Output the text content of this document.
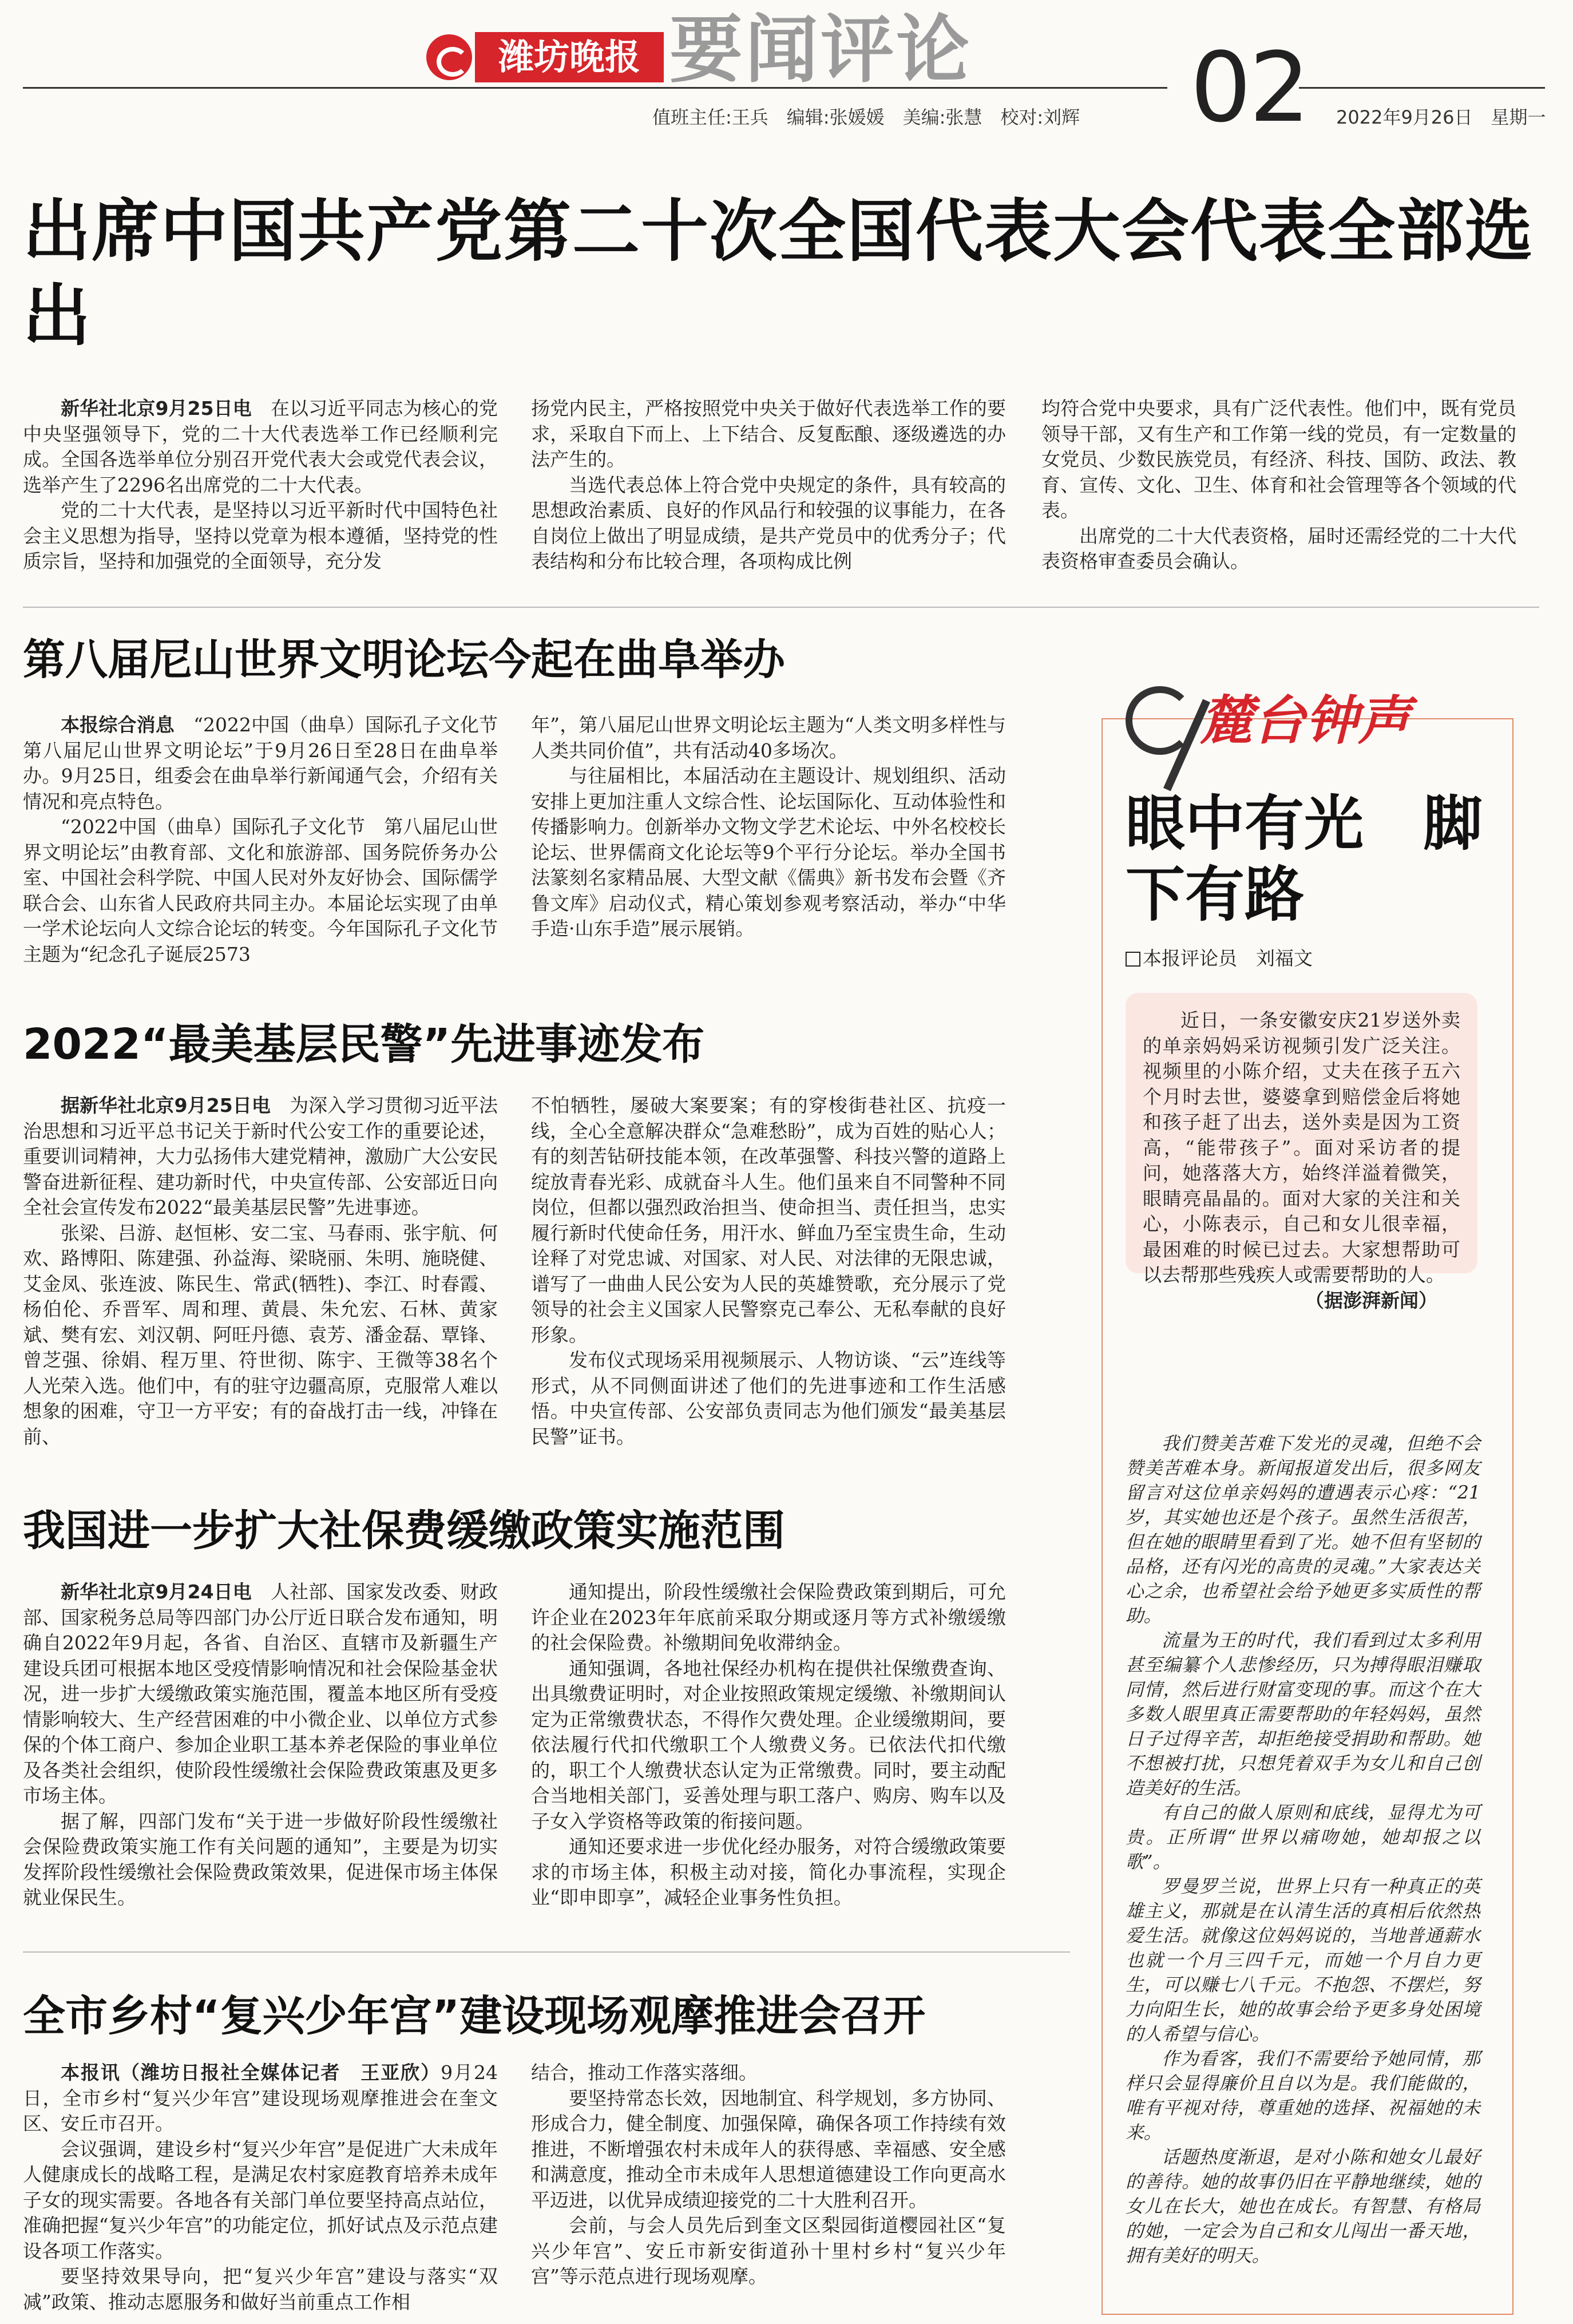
潍坊晚报 要闻评论 02
值班主任:王兵　编辑:张媛媛　美编:张慧　校对:刘辉	2022年9月26日　星期一
出席中国共产党第二十次全国代表大会代表全部选出

新华社北京9月25日电　 在以习近平同志为核心的党中央坚强领导下，党的二十大代表选举工作已经顺利完成。全国各选举单位分别召开党代表大会或党代表会议，选举产生了2296名出席党的二十大代表。

党的二十大代表，是坚持以习近平新时代中国特色社会主义思想为指导，坚持以党章为根本遵循，坚持党的性质宗旨，坚持和加强党的全面领导，充分发

扬党内民主，严格按照党中央关于做好代表选举工作的要求，采取自下而上、上下结合、反复酝酿、逐级遴选的办法产生的。

当选代表总体上符合党中央规定的条件，具有较高的思想政治素质、良好的作风品行和较强的议事能力，在各自岗位上做出了明显成绩，是共产党员中的优秀分子；代表结构和分布比较合理，各项构成比例

均符合党中央要求，具有广泛代表性。他们中，既有党员领导干部，又有生产和工作第一线的党员，有一定数量的女党员、少数民族党员，有经济、科技、国防、政法、教育、宣传、文化、卫生、体育和社会管理等各个领域的代表。

出席党的二十大代表资格，届时还需经党的二十大代表资格审查委员会确认。

第八届尼山世界文明论坛今起在曲阜举办

本报综合消息　 “2022中国（曲阜）国际孔子文化节　第八届尼山世界文明论坛”于9月26日至28日在曲阜举办。9月25日，组委会在曲阜举行新闻通气会，介绍有关情况和亮点特色。

“2022中国（曲阜）国际孔子文化节　第八届尼山世界文明论坛”由教育部、文化和旅游部、国务院侨务办公室、中国社会科学院、中国人民对外友好协会、国际儒学联合会、山东省人民政府共同主办。本届论坛实现了由单一学术论坛向人文综合论坛的转变。今年国际孔子文化节主题为“纪念孔子诞辰2573

年”，第八届尼山世界文明论坛主题为“人类文明多样性与人类共同价值”，共有活动40多场次。

与往届相比，本届活动在主题设计、规划组织、活动安排上更加注重人文综合性、论坛国际化、互动体验性和传播影响力。创新举办文物文学艺术论坛、中外名校校长论坛、世界儒商文化论坛等9个平行分论坛。举办全国书法篆刻名家精品展、大型文献《儒典》新书发布会暨《齐鲁文库》启动仪式，精心策划参观考察活动，举办“中华手造·山东手造”展示展销。

2022“最美基层民警”先进事迹发布

据新华社北京9月25日电　 为深入学习贯彻习近平法治思想和习近平总书记关于新时代公安工作的重要论述，重要训词精神，大力弘扬伟大建党精神，激励广大公安民警奋进新征程、建功新时代，中央宣传部、公安部近日向全社会宣传发布2022“最美基层民警”先进事迹。

张梁、吕游、赵恒彬、安二宝、马春雨、张宇航、何欢、路博阳、陈建强、孙益海、梁晓丽、朱明、施晓健、艾金凤、张连波、陈民生、常武(牺牲)、李江、时春霞、杨伯伦、乔晋军、周和理、黄晨、朱允宏、石林、黄家斌、樊有宏、刘汉朝、阿旺丹德、袁芳、潘金磊、覃锋、曾芝强、徐娟、程万里、符世彻、陈宇、王微等38名个人光荣入选。他们中，有的驻守边疆高原，克服常人难以想象的困难，守卫一方平安；有的奋战打击一线，冲锋在前、

不怕牺牲，屡破大案要案；有的穿梭街巷社区、抗疫一线，全心全意解决群众“急难愁盼”，成为百姓的贴心人；有的刻苦钻研技能本领，在改革强警、科技兴警的道路上绽放青春光彩、成就奋斗人生。他们虽来自不同警种不同岗位，但都以强烈政治担当、使命担当、责任担当，忠实履行新时代使命任务，用汗水、鲜血乃至宝贵生命，生动诠释了对党忠诚、对国家、对人民、对法律的无限忠诚，谱写了一曲曲人民公安为人民的英雄赞歌，充分展示了党领导的社会主义国家人民警察克己奉公、无私奉献的良好形象。

发布仪式现场采用视频展示、人物访谈、“云”连线等形式，从不同侧面讲述了他们的先进事迹和工作生活感悟。中央宣传部、公安部负责同志为他们颁发“最美基层民警”证书。

我国进一步扩大社保费缓缴政策实施范围

新华社北京9月24日电　 人社部、国家发改委、财政部、国家税务总局等四部门办公厅近日联合发布通知，明确自2022年9月起，各省、自治区、直辖市及新疆生产建设兵团可根据本地区受疫情影响情况和社会保险基金状况，进一步扩大缓缴政策实施范围，覆盖本地区所有受疫情影响较大、生产经营困难的中小微企业、以单位方式参保的个体工商户、参加企业职工基本养老保险的事业单位及各类社会组织，使阶段性缓缴社会保险费政策惠及更多市场主体。

据了解，四部门发布“关于进一步做好阶段性缓缴社会保险费政策实施工作有关问题的通知”，主要是为切实发挥阶段性缓缴社会保险费政策效果，促进保市场主体保就业保民生。

通知提出，阶段性缓缴社会保险费政策到期后，可允许企业在2023年年底前采取分期或逐月等方式补缴缓缴的社会保险费。补缴期间免收滞纳金。

通知强调，各地社保经办机构在提供社保缴费查询、出具缴费证明时，对企业按照政策规定缓缴、补缴期间认定为正常缴费状态，不得作欠费处理。企业缓缴期间，要依法履行代扣代缴职工个人缴费义务。已依法代扣代缴的，职工个人缴费状态认定为正常缴费。同时，要主动配合当地相关部门，妥善处理与职工落户、购房、购车以及子女入学资格等政策的衔接问题。

通知还要求进一步优化经办服务，对符合缓缴政策要求的市场主体，积极主动对接，简化办事流程，实现企业“即申即享”，减轻企业事务性负担。

全市乡村“复兴少年宫”建设现场观摩推进会召开

本报讯（潍坊日报社全媒体记者　王亚欣）9月24日，全市乡村“复兴少年宫”建设现场观摩推进会在奎文区、安丘市召开。

会议强调，建设乡村“复兴少年宫”是促进广大未成年人健康成长的战略工程，是满足农村家庭教育培养未成年子女的现实需要。各地各有关部门单位要坚持高点站位，准确把握“复兴少年宫”的功能定位，抓好试点及示范点建设各项工作落实。

要坚持效果导向，把“复兴少年宫”建设与落实“双减”政策、推动志愿服务和做好当前重点工作相

结合，推动工作落实落细。

要坚持常态长效，因地制宜、科学规划，多方协同、形成合力，健全制度、加强保障，确保各项工作持续有效推进，不断增强农村未成年人的获得感、幸福感、安全感和满意度，推动全市未成年人思想道德建设工作向更高水平迈进，以优异成绩迎接党的二十大胜利召开。

会前，与会人员先后到奎文区梨园街道樱园社区“复兴少年宫”、安丘市新安街道孙十里村乡村“复兴少年宫”等示范点进行现场观摩。

麓台钟声
眼中有光　脚下有路
本报评论员　刘福文

近日，一条安徽安庆21岁送外卖的单亲妈妈采访视频引发广泛关注。视频里的小陈介绍，丈夫在孩子五六个月时去世，婆婆拿到赔偿金后将她和孩子赶了出去，送外卖是因为工资高，“能带孩子”。面对采访者的提问，她落落大方，始终洋溢着微笑，眼睛亮晶晶的。面对大家的关注和关心，小陈表示，自己和女儿很幸福，最困难的时候已过去。大家想帮助可以去帮那些残疾人或需要帮助的人。

（据澎湃新闻）

我们赞美苦难下发光的灵魂，但绝不会赞美苦难本身。新闻报道发出后，很多网友留言对这位单亲妈妈的遭遇表示心疼：“21岁，其实她也还是个孩子。虽然生活很苦，但在她的眼睛里看到了光。她不但有坚韧的品格，还有闪光的高贵的灵魂。”大家表达关心之余，也希望社会给予她更多实质性的帮助。

流量为王的时代，我们看到过太多利用甚至编纂个人悲惨经历，只为搏得眼泪赚取同情，然后进行财富变现的事。而这个在大多数人眼里真正需要帮助的年轻妈妈，虽然日子过得辛苦，却拒绝接受捐助和帮助。她不想被打扰，只想凭着双手为女儿和自己创造美好的生活。

有自己的做人原则和底线，显得尤为可贵。正所谓“世界以痛吻她，她却报之以歌”。

罗曼罗兰说，世界上只有一种真正的英雄主义，那就是在认清生活的真相后依然热爱生活。就像这位妈妈说的，当地普通薪水也就一个月三四千元，而她一个月自力更生，可以赚七八千元。不抱怨、不摆烂，努力向阳生长，她的故事会给予更多身处困境的人希望与信心。

作为看客，我们不需要给予她同情，那样只会显得廉价且自以为是。我们能做的，唯有平视对待，尊重她的选择、祝福她的未来。

话题热度渐退，是对小陈和她女儿最好的善待。她的故事仍旧在平静地继续，她的女儿在长大，她也在成长。有智慧、有格局的她，一定会为自己和女儿闯出一番天地，拥有美好的明天。
